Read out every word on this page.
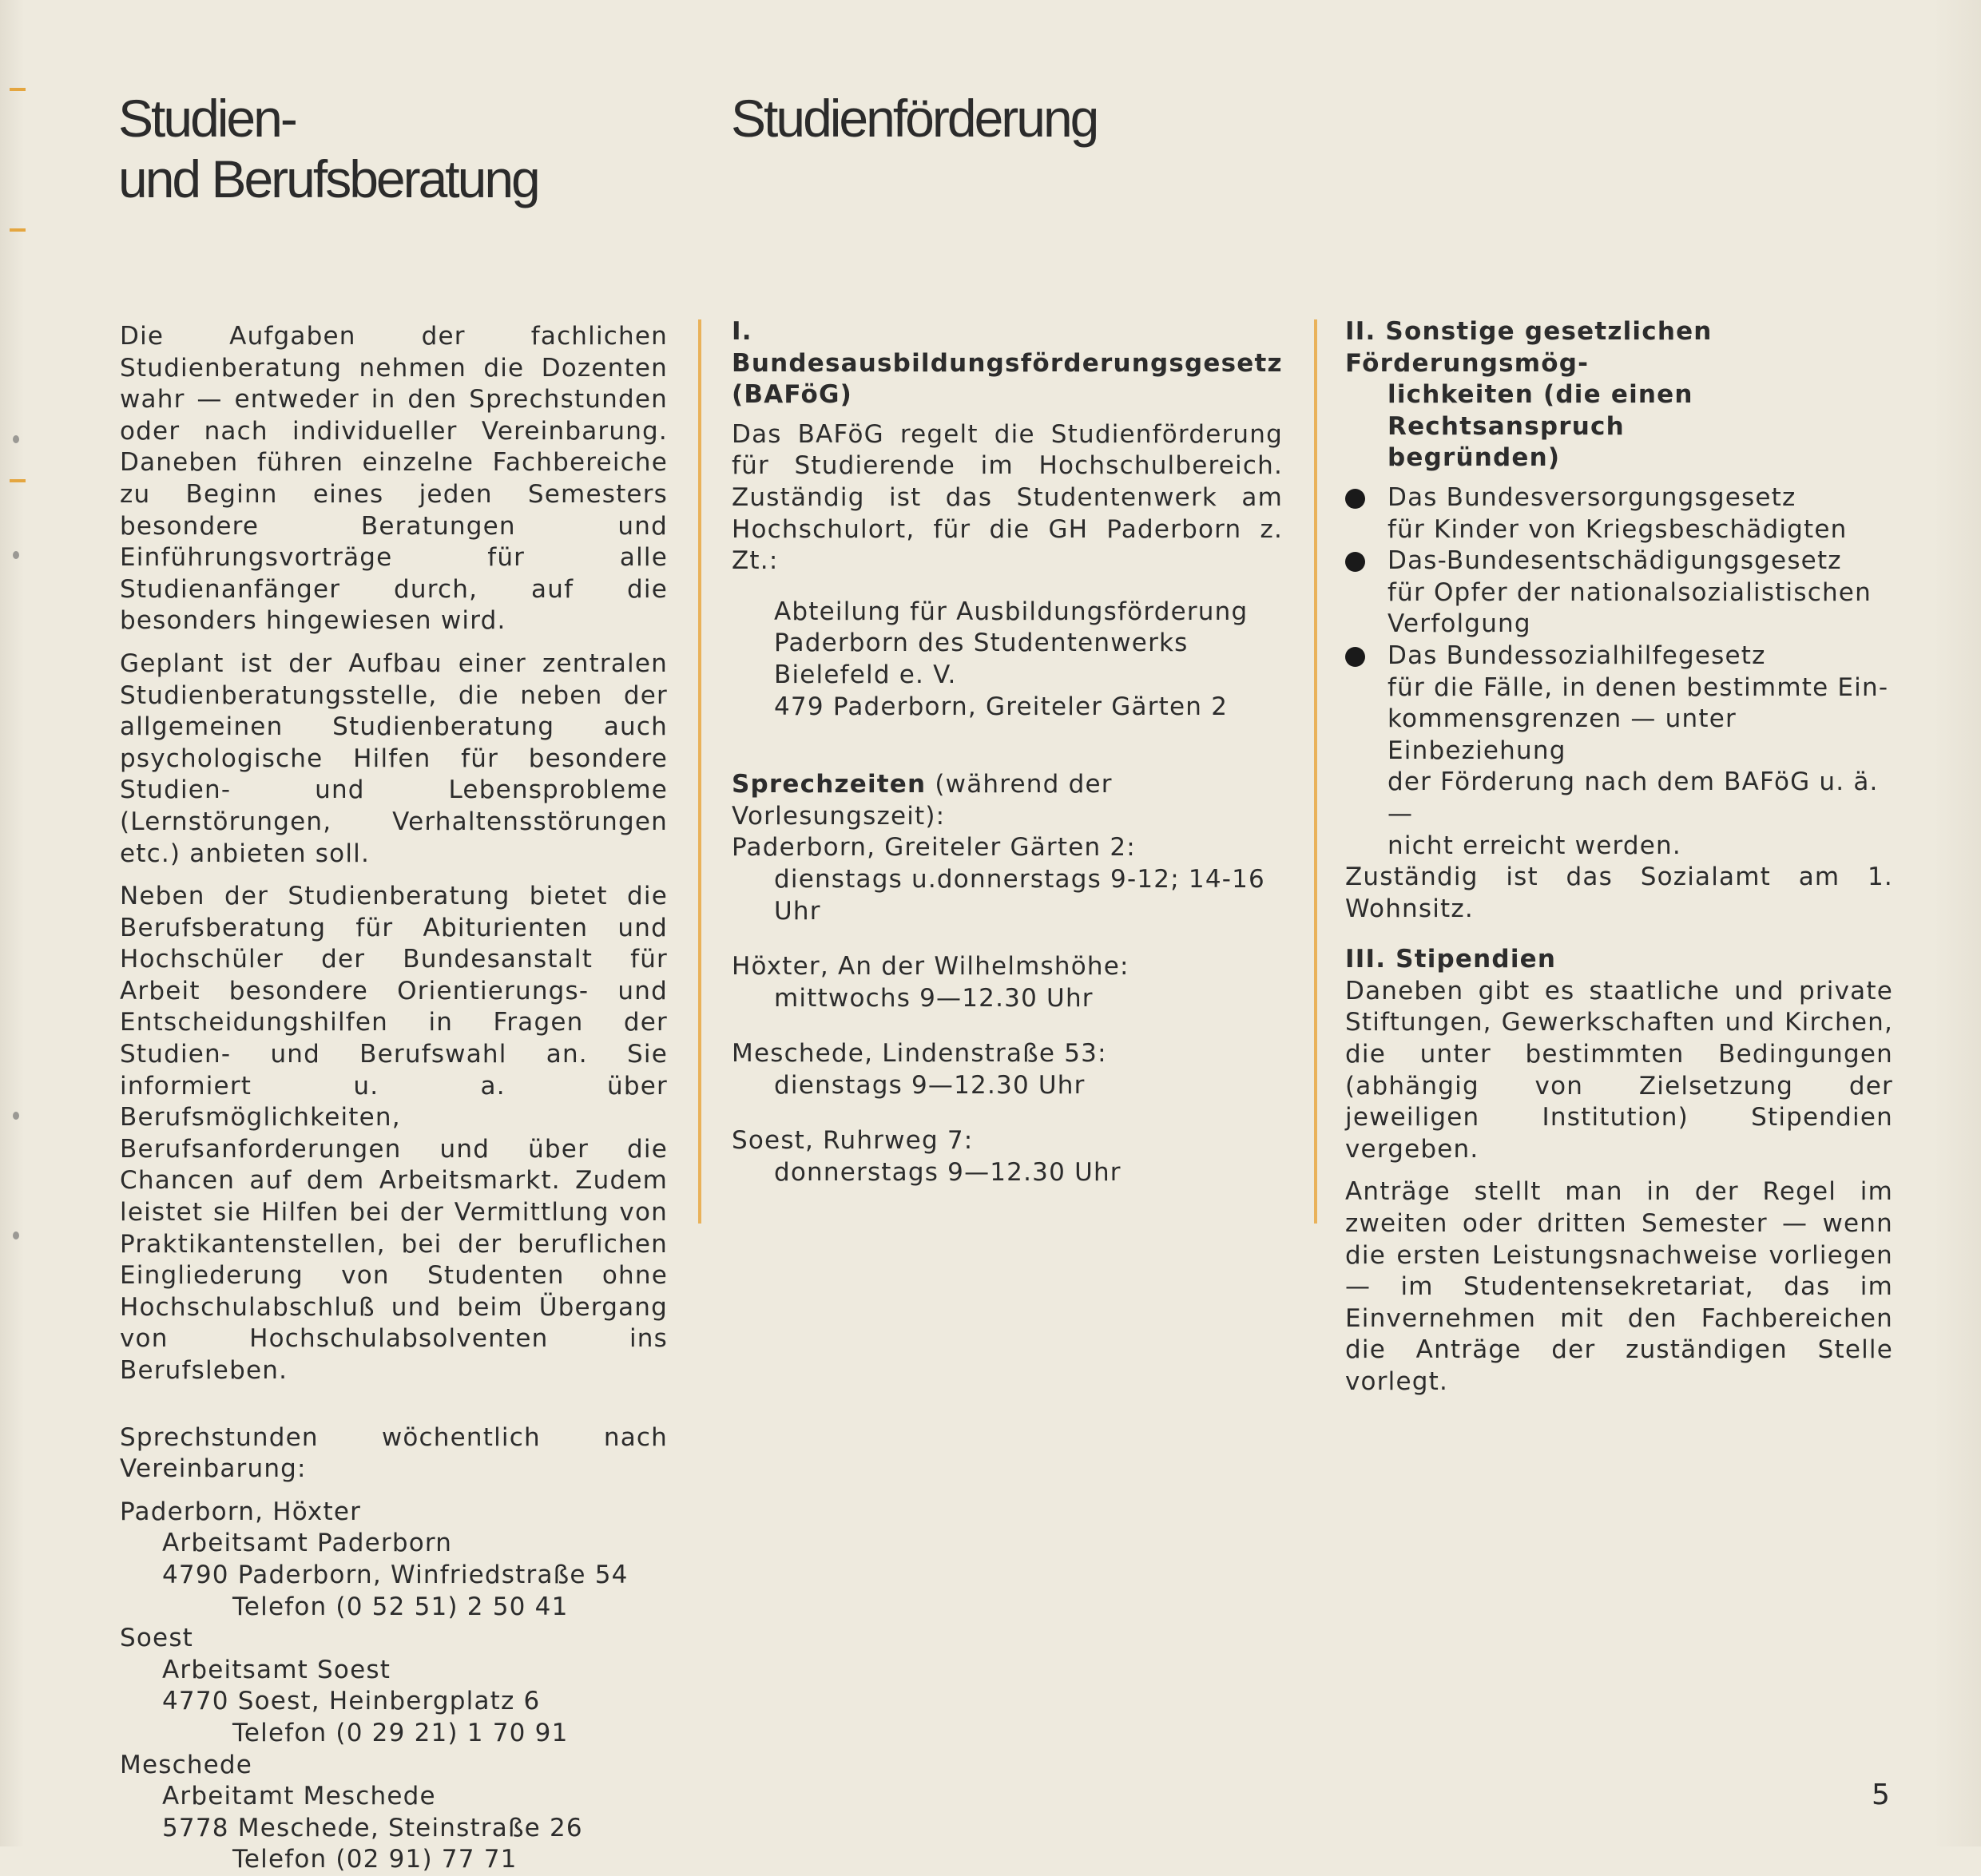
Studien-
und Berufsberatung
Studienförderung

Die Aufgaben der fachlichen Studienberatung nehmen die Dozenten wahr — entweder in den Sprechstunden oder nach individueller Vereinbarung. Daneben führen einzelne Fachbereiche zu Beginn eines jeden Semesters besondere Beratungen und Einführungsvorträge für alle Studienanfänger durch, auf die besonders hingewiesen wird.

Geplant ist der Aufbau einer zentralen Studienberatungsstelle, die neben der allgemeinen Studienberatung auch psychologische Hilfen für besondere Studien- und Lebensprobleme (Lernstörungen, Verhaltensstörungen etc.) anbieten soll.

Neben der Studienberatung bietet die Berufsberatung für Abiturienten und Hochschüler der Bundesanstalt für Arbeit besondere Orientierungs- und Entscheidungshilfen in Fragen der Studien- und Berufswahl an. Sie informiert u. a. über Berufsmöglichkeiten, Berufsanforderungen und über die Chancen auf dem Arbeitsmarkt. Zudem leistet sie Hilfen bei der Vermittlung von Praktikantenstellen, bei der beruflichen Eingliederung von Studenten ohne Hochschulabschluß und beim Übergang von Hochschulabsolventen ins Berufsleben.

Sprechstunden wöchentlich nach Vereinbarung:

Paderborn, Höxter
Arbeitsamt Paderborn
4790 Paderborn, Winfriedstraße 54
Telefon (0 52 51) 2 50 41
Soest
Arbeitsamt Soest
4770 Soest, Heinbergplatz 6
Telefon (0 29 21) 1 70 91
Meschede
Arbeitamt Meschede
5778 Meschede, Steinstraße 26
Telefon (02 91) 77 71
I. Bundesausbildungsförderungsgesetz
(BAFöG)

Das BAFöG regelt die Studienförderung für Studierende im Hochschulbereich. Zuständig ist das Studentenwerk am Hochschulort, für die GH Paderborn z. Zt.:

Abteilung für Ausbildungsförderung
Paderborn des Studentenwerks
Bielefeld e. V.
479 Paderborn, Greiteler Gärten 2
Sprechzeiten (während der Vorlesungszeit):
Paderborn, Greiteler Gärten 2:
dienstags u.donnerstags 9-12; 14-16 Uhr
Höxter, An der Wilhelmshöhe:
mittwochs 9—12.30 Uhr
Meschede, Lindenstraße 53:
dienstags 9—12.30 Uhr
Soest, Ruhrweg 7:
donnerstags 9—12.30 Uhr
II. Sonstige gesetzlichen Förderungsmög-
lichkeiten (die einen Rechtsanspruch
begründen)
Das Bundesversorgungsgesetz
für Kinder von Kriegsbeschädigten
Das-Bundesentschädigungsgesetz
für Opfer der nationalsozialistischen
Verfolgung
Das Bundessozialhilfegesetz
für die Fälle, in denen bestimmte Ein-
kommensgrenzen — unter Einbeziehung
der Förderung nach dem BAFöG u. ä. —
nicht erreicht werden.

Zuständig ist das Sozialamt am 1. Wohnsitz.

III. Stipendien

Daneben gibt es staatliche und private Stiftungen, Gewerkschaften und Kirchen, die unter bestimmten Bedingungen (abhängig von Zielsetzung der jeweiligen Institution) Stipendien vergeben.

Anträge stellt man in der Regel im zweiten oder dritten Semester — wenn die ersten Leistungsnachweise vorliegen — im Studentensekretariat, das im Einvernehmen mit den Fachbereichen die Anträge der zuständigen Stelle vorlegt.

5
